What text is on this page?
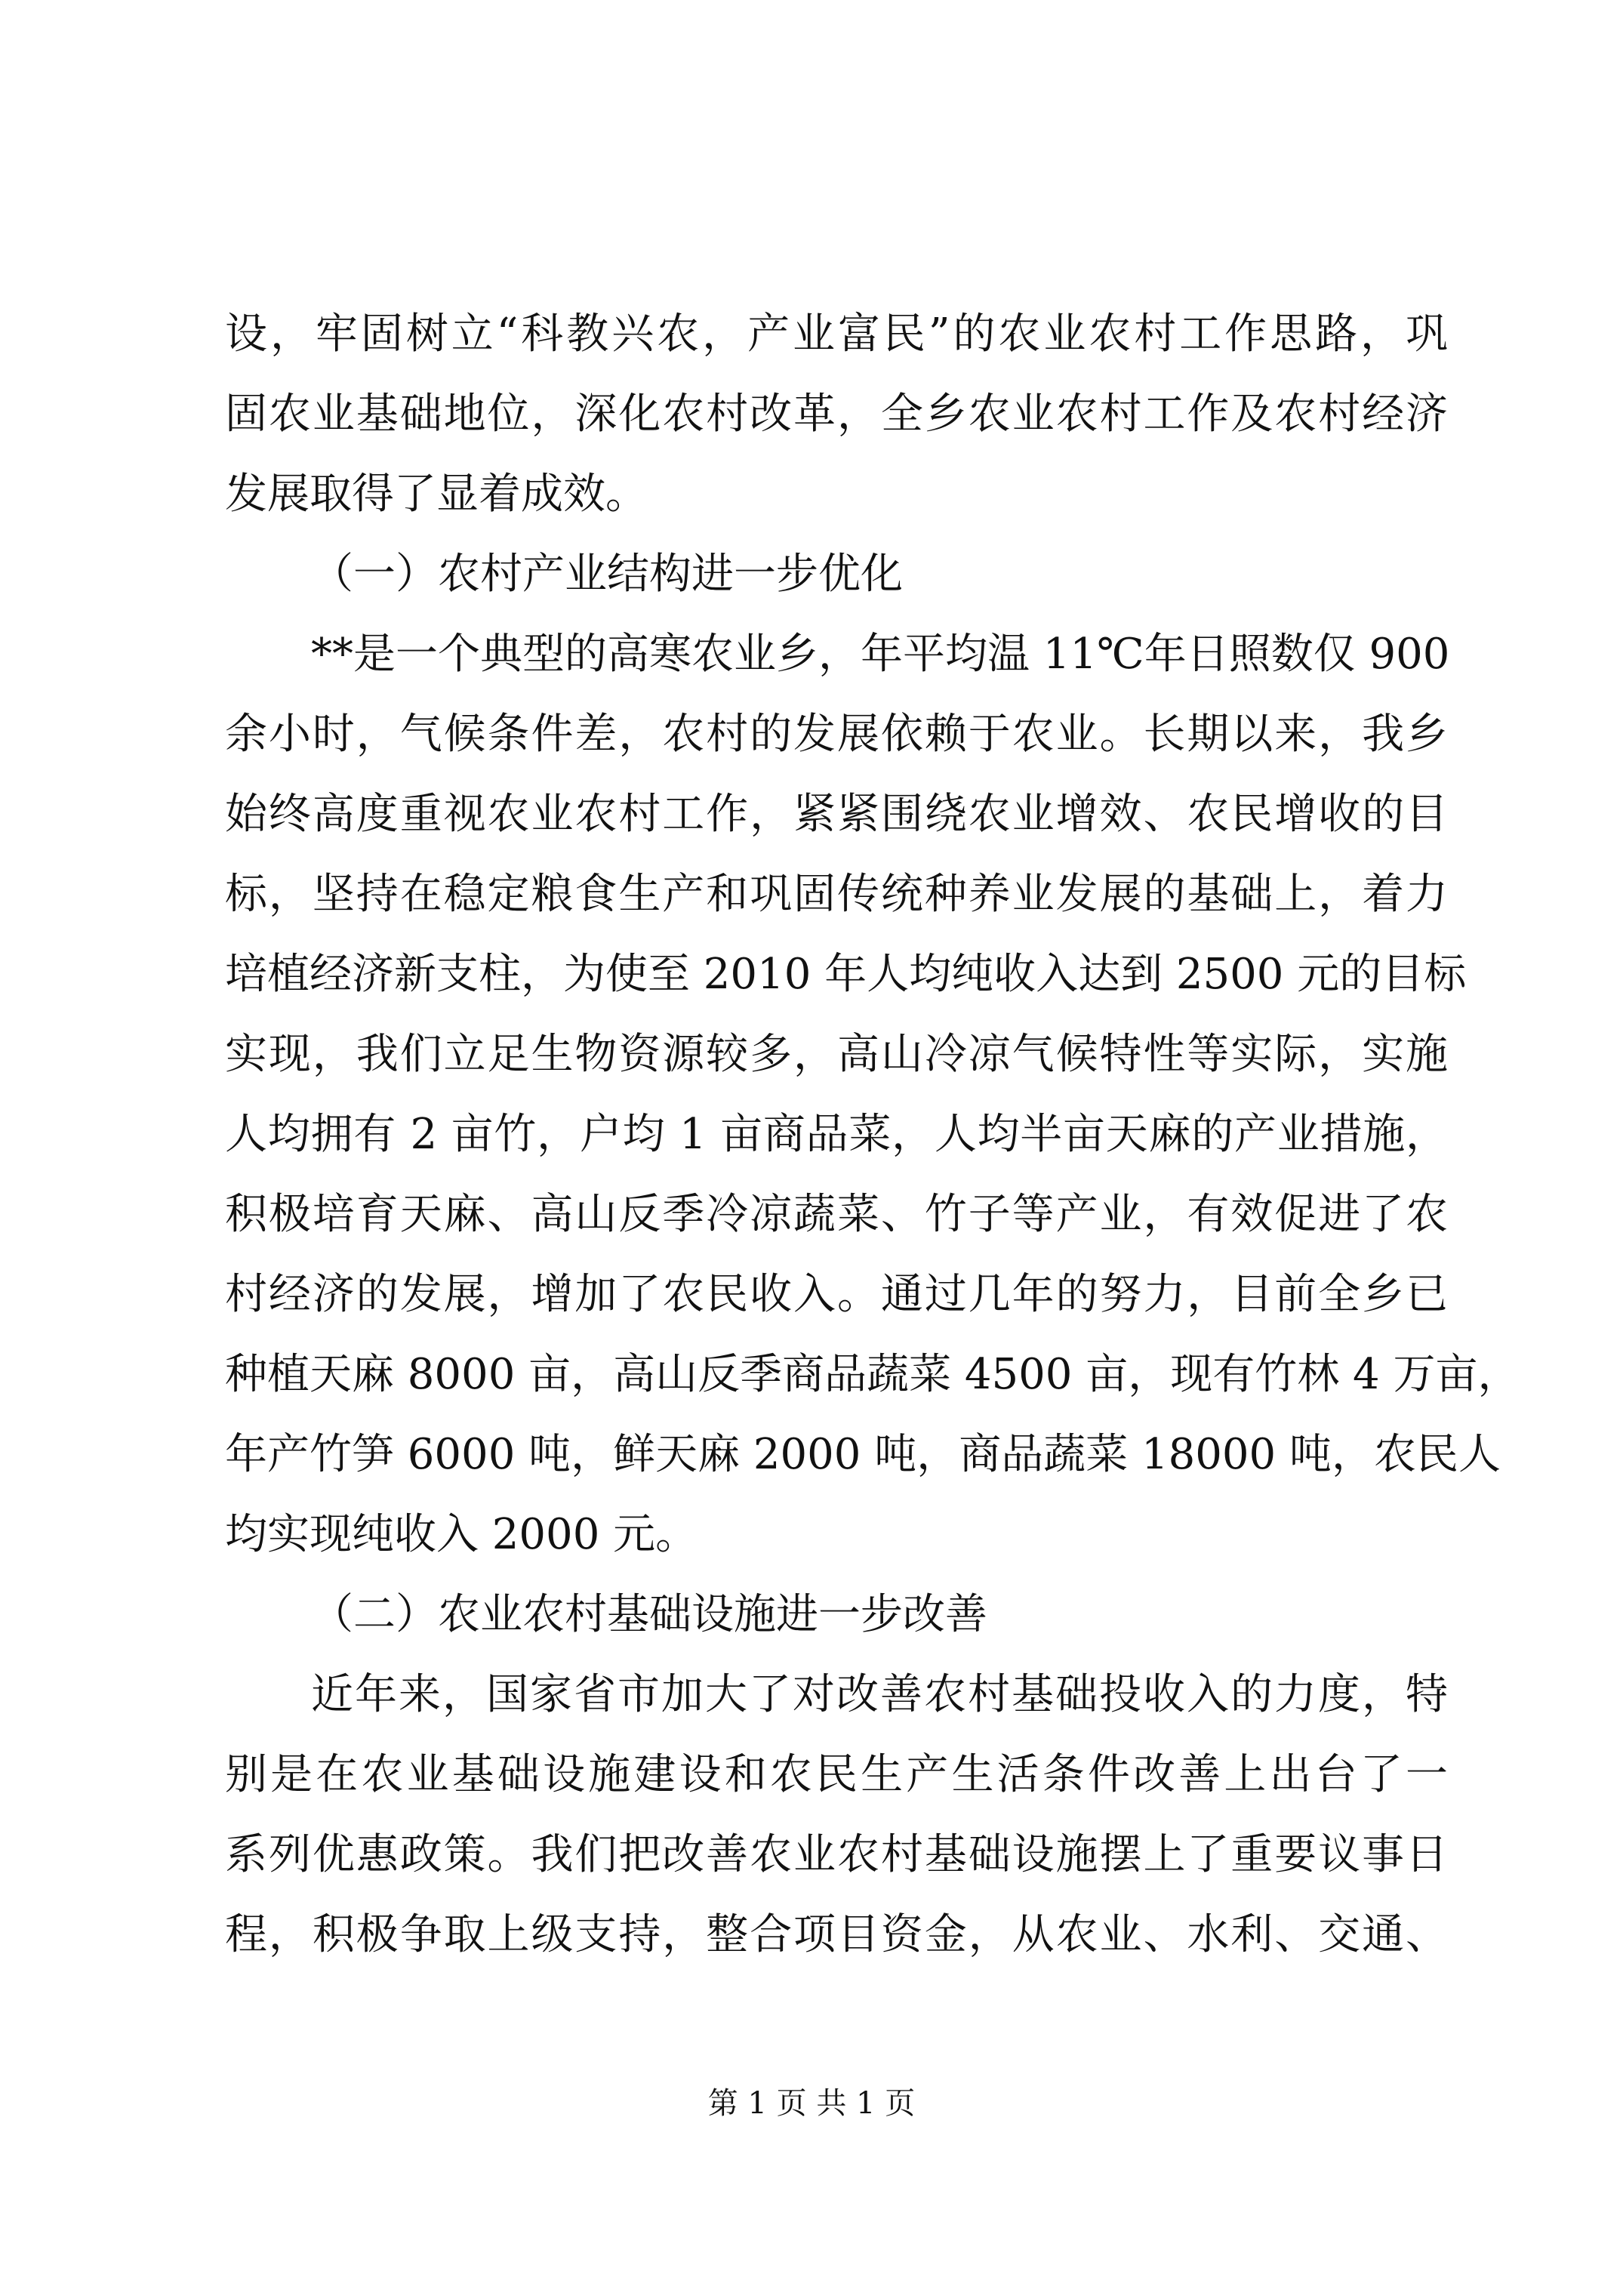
设，牢固树立“科教兴农，产业富民”的农业农村工作思路，巩
固农业基础地位，深化农村改革，全乡农业农村工作及农村经济
发展取得了显着成效。
（一）农村产业结构进一步优化
**是一个典型的高寒农业乡，年平均温 11℃年日照数仅 900
余小时，气候条件差，农村的发展依赖于农业。长期以来，我乡
始终高度重视农业农村工作，紧紧围绕农业增效、农民增收的目
标，坚持在稳定粮食生产和巩固传统种养业发展的基础上，着力
培植经济新支柱，为使至 2010 年人均纯收入达到 2500 元的目标
实现，我们立足生物资源较多，高山冷凉气候特性等实际，实施
人均拥有 2 亩竹，户均 1 亩商品菜，人均半亩天麻的产业措施，
积极培育天麻、高山反季冷凉蔬菜、竹子等产业，有效促进了农
村经济的发展，增加了农民收入。通过几年的努力，目前全乡已
种植天麻 8000 亩，高山反季商品蔬菜 4500 亩，现有竹林 4 万亩，
年产竹笋 6000 吨，鲜天麻 2000 吨，商品蔬菜 18000 吨，农民人
均实现纯收入 2000 元。
（二）农业农村基础设施进一步改善
近年来，国家省市加大了对改善农村基础投收入的力度，特
别是在农业基础设施建设和农民生产生活条件改善上出台了一
系列优惠政策。我们把改善农业农村基础设施摆上了重要议事日
程，积极争取上级支持，整合项目资金，从农业、水利、交通、
第 1 页 共 1 页
